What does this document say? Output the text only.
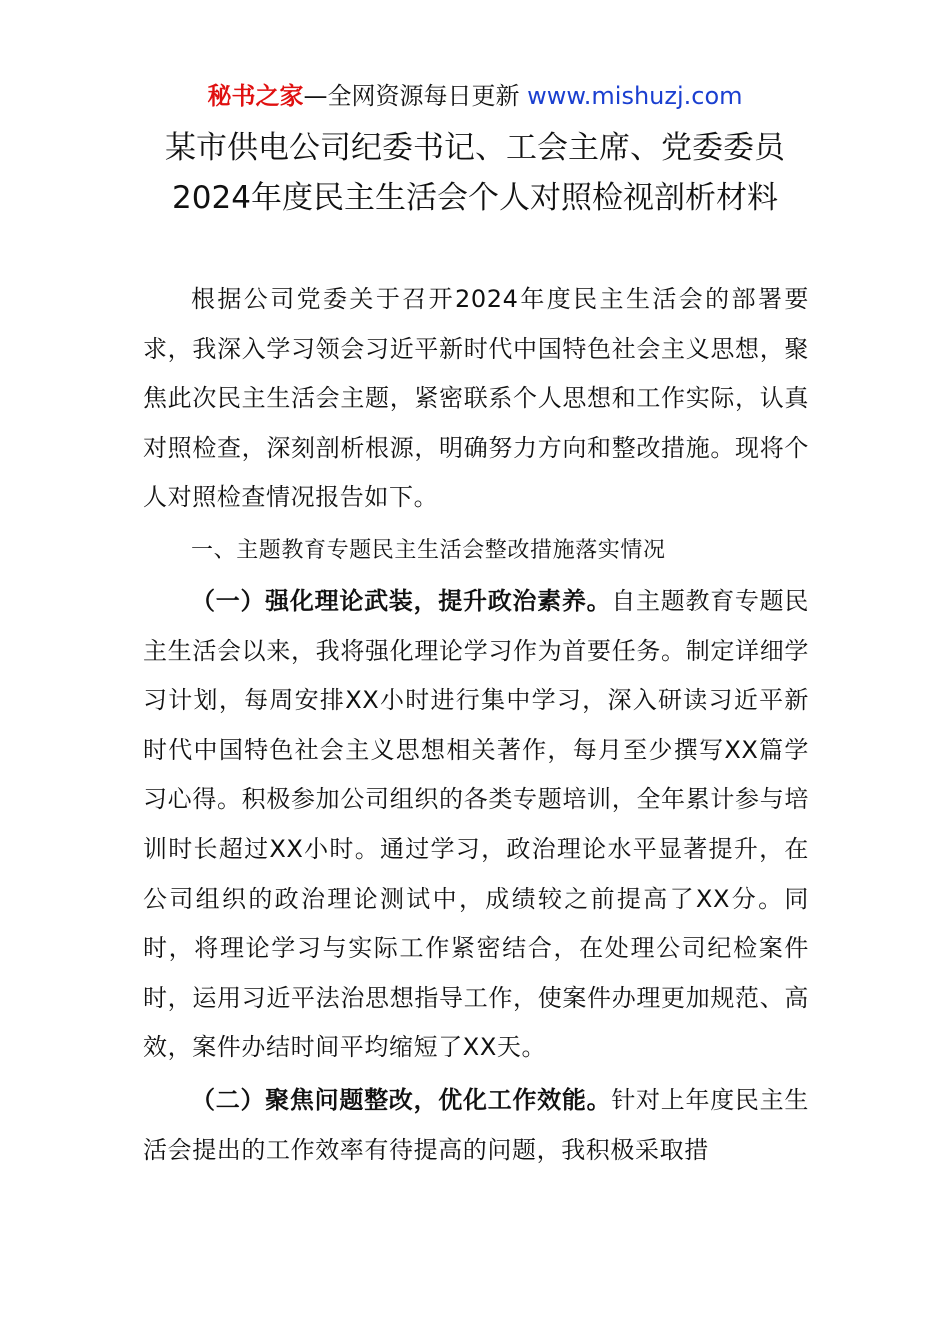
秘书之家—全网资源每日更新 www.mishuzj.com
某市供电公司纪委书记、工会主席、党委委员
2024年度民主生活会个人对照检视剖析材料

根据公司党委关于召开2024年度民主生活会的部署要求，我深入学习领会习近平新时代中国特色社会主义思想，聚焦此次民主生活会主题，紧密联系个人思想和工作实际，认真对照检查，深刻剖析根源，明确努力方向和整改措施。现将个人对照检查情况报告如下。

一、主题教育专题民主生活会整改措施落实情况

（一）强化理论武装，提升政治素养。自主题教育专题民主生活会以来，我将强化理论学习作为首要任务。制定详细学习计划，每周安排XX小时进行集中学习，深入研读习近平新时代中国特色社会主义思想相关著作，每月至少撰写XX篇学习心得。积极参加公司组织的各类专题培训，全年累计参与培训时长超过XX小时。通过学习，政治理论水平显著提升，在公司组织的政治理论测试中，成绩较之前提高了XX分。同时，将理论学习与实际工作紧密结合，在处理公司纪检案件时，运用习近平法治思想指导工作，使案件办理更加规范、高效，案件办结时间平均缩短了XX天。

（二）聚焦问题整改，优化工作效能。针对上年度民主生活会提出的工作效率有待提高的问题，我积极采取措
